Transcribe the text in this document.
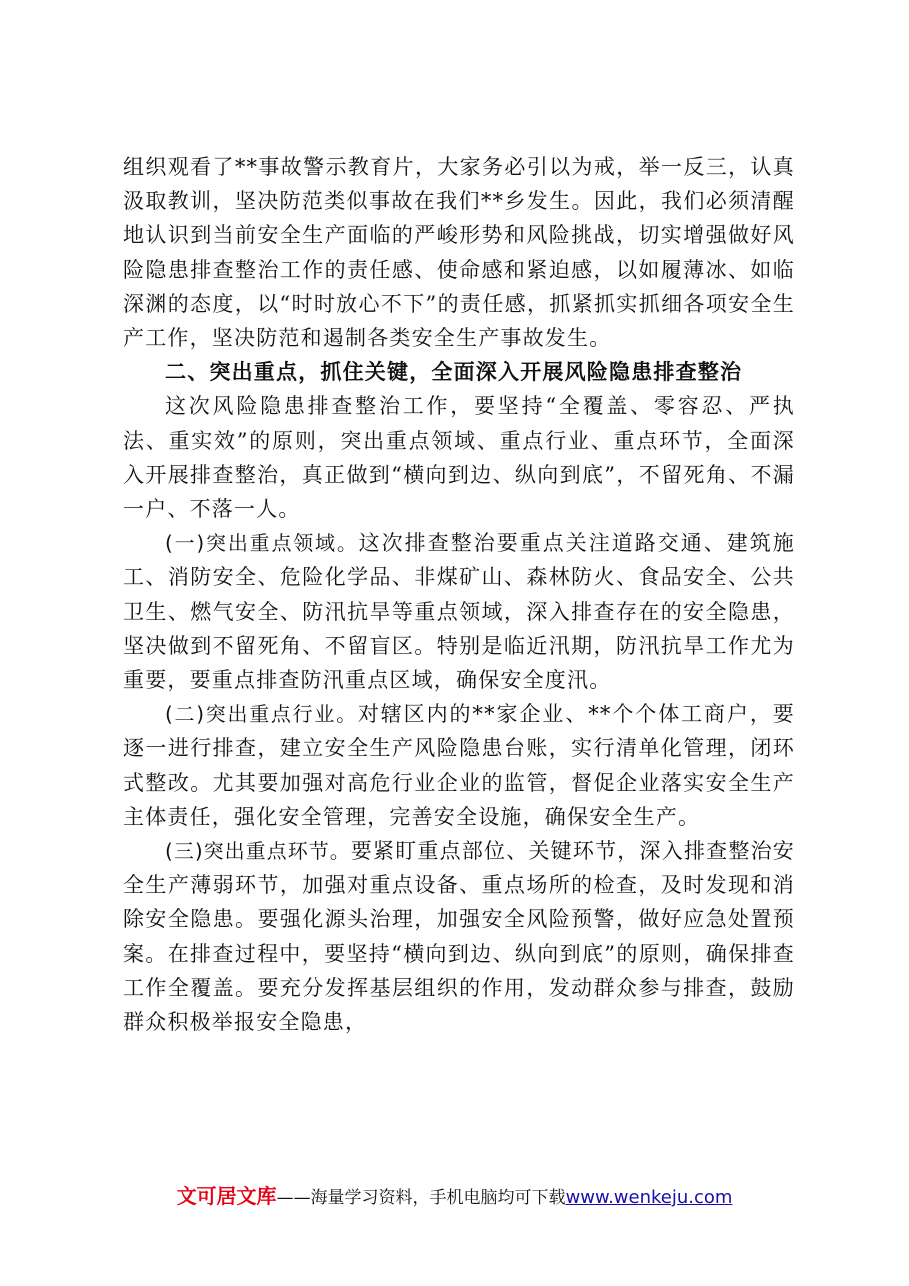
组织观看了**事故警示教育片，大家务必引以为戒，举一反三，认真汲取教训，坚决防范类似事故在我们**乡发生。因此，我们必须清醒地认识到当前安全生产面临的严峻形势和风险挑战，切实增强做好风险隐患排查整治工作的责任感、使命感和紧迫感，以如履薄冰、如临深渊的态度，以“时时放心不下”的责任感，抓紧抓实抓细各项安全生产工作，坚决防范和遏制各类安全生产事故发生。

二、突出重点，抓住关键，全面深入开展风险隐患排查整治

这次风险隐患排查整治工作，要坚持“全覆盖、零容忍、严执法、重实效”的原则，突出重点领域、重点行业、重点环节，全面深入开展排查整治，真正做到“横向到边、纵向到底”，不留死角、不漏一户、不落一人。

(一)突出重点领域。这次排查整治要重点关注道路交通、建筑施工、消防安全、危险化学品、非煤矿山、森林防火、食品安全、公共卫生、燃气安全、防汛抗旱等重点领域，深入排查存在的安全隐患，坚决做到不留死角、不留盲区。特别是临近汛期，防汛抗旱工作尤为重要，要重点排查防汛重点区域，确保安全度汛。

(二)突出重点行业。对辖区内的**家企业、**个个体工商户，要逐一进行排查，建立安全生产风险隐患台账，实行清单化管理，闭环式整改。尤其要加强对高危行业企业的监管，督促企业落实安全生产主体责任，强化安全管理，完善安全设施，确保安全生产。

(三)突出重点环节。要紧盯重点部位、关键环节，深入排查整治安全生产薄弱环节，加强对重点设备、重点场所的检查，及时发现和消除安全隐患。要强化源头治理，加强安全风险预警，做好应急处置预案。在排查过程中，要坚持“横向到边、纵向到底”的原则，确保排查工作全覆盖。要充分发挥基层组织的作用，发动群众参与排查，鼓励群众积极举报安全隐患，

文可居文库——海量学习资料，手机电脑均可下载www.wenkeju.com
